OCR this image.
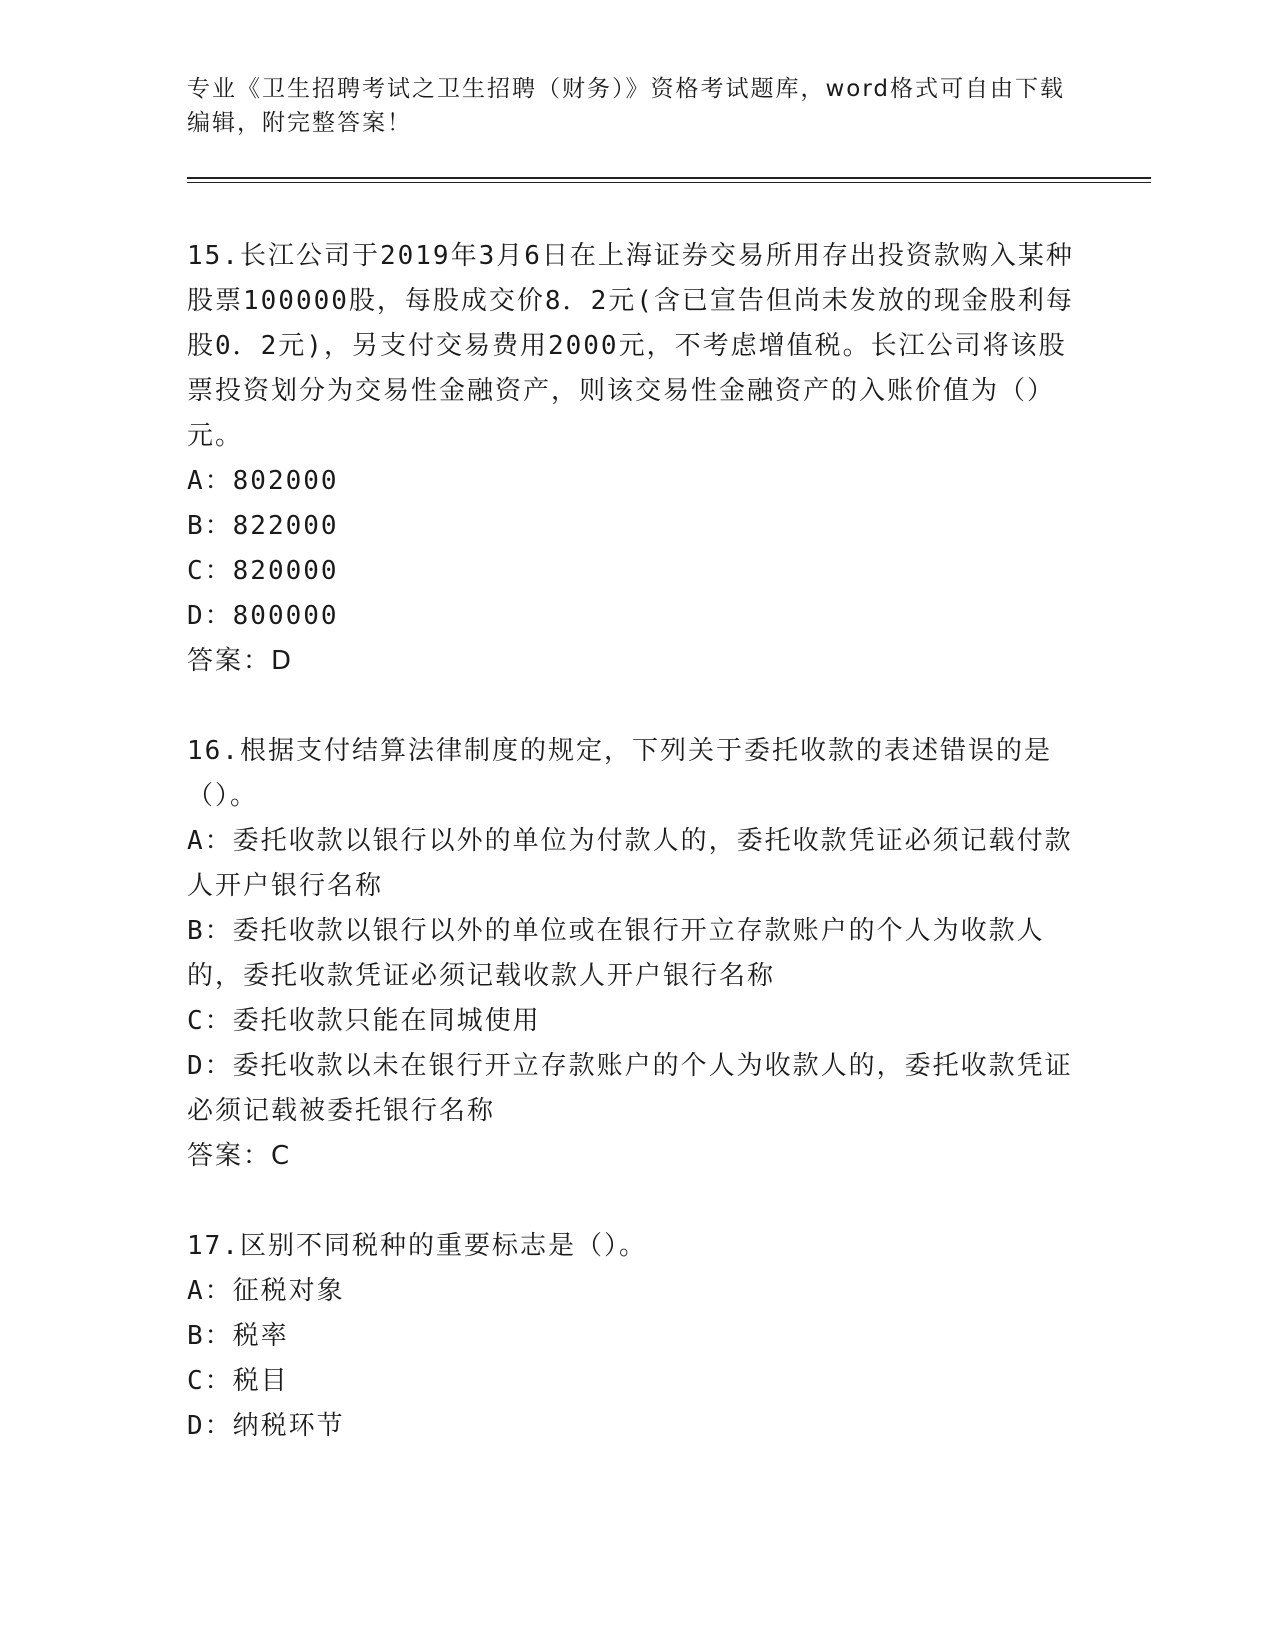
专业《卫生招聘考试之卫生招聘（财务）》资格考试题库，word格式可自由下载编辑，附完整答案！

15.长江公司于2019年3月6日在上海证券交易所用存出投资款购入某种股票100000股，每股成交价8．2元(含已宣告但尚未发放的现金股利每股0．2元)，另支付交易费用2000元，不考虑增值税。长江公司将该股票投资划分为交易性金融资产，则该交易性金融资产的入账价值为（）元。

A：802000

B：822000

C：820000

D：800000

答案：D

16.根据支付结算法律制度的规定，下列关于委托收款的表述错误的是（）。

A：委托收款以银行以外的单位为付款人的，委托收款凭证必须记载付款人开户银行名称

B：委托收款以银行以外的单位或在银行开立存款账户的个人为收款人的，委托收款凭证必须记载收款人开户银行名称

C：委托收款只能在同城使用

D：委托收款以未在银行开立存款账户的个人为收款人的，委托收款凭证必须记载被委托银行名称

答案：C

17.区别不同税种的重要标志是（）。

A：征税对象

B：税率

C：税目

D：纳税环节
